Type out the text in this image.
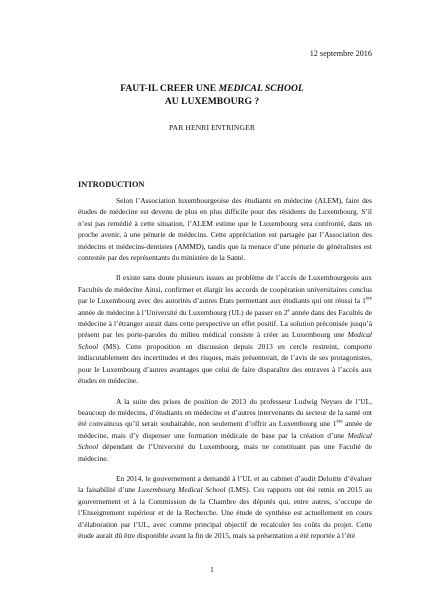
12 septembre 2016
FAUT-IL CREER UNE MEDICAL SCHOOL
AU LUXEMBOURG ?
PAR HENRI ENTRINGER
INTRODUCTION

Selon l’Association luxembourgeoise des étudiants en médecine (ALEM), faire des études de médecine est devenu de plus en plus difficile pour des résidents du Luxembourg. S’il n’est pas remédié à cette situation, l’ALEM estime que le Luxembourg sera confronté, dans un proche avenir, à une pénurie de médecins. Cette appréciation est partagée par l’Association des médecins et médecins-dentistes (AMMD), tandis que la menace d’une pénurie de généralistes est contestée par des représentants du ministère de la Santé.

Il existe sans doute plusieurs issues au problème de l’accès de Luxembourgeois aux Facultés de médecine Ainsi, confirmer et élargir les accords de coopération universitaires conclus par le Luxembourg avec des autorités d’autres Etats permettant aux étudiants qui ont réussi la 1ère année de médecine à l’Université du Luxembourg (UL) de passer en 2e année dans des Facultés de médecine à l’étranger aurait dans cette perspective un effet positif. La solution préconisée jusqu’à présent par les porte-paroles du milieu médical consiste à créer au Luxembourg une Medical School (MS). Cette proposition en discussion depuis 2013 en cercle restreint, comporte indiscutablement des incertitudes et des risques, mais présenterait, de l’avis de ses protagonistes, pour le Luxembourg d’autres avantages que celui de faire disparaître des entraves à l’accès aux études en médecine.

A la suite des prises de position de 2013 du professeur Ludwig Neyses de l’UL, beaucoup de médecins, d’étudiants en médecine et d’autres intervenants du secteur de la santé ont été convaincus qu’il serait souhaitable, non seulement d’offrir au Luxembourg une 1ère année de médecine, mais d’y dispenser une formation médicale de base par la création d’une Medical School dépendant de l’Université du Luxembourg, mais ne constituant pas une Faculté de médecine.

En 2014, le gouvernement a demandé à l’UL et au cabinet d’audit Deloitte d’évaluer la faisabilité d’une Luxembourg Medical School (LMS). Ces rapports ont été remis en 2015 au gouvernement et à la Commission de la Chambre des députés qui, entre autres, s’occupe de l’Enseignement supérieur et de la Recherche. Une étude de synthèse est actuellement en cours d’élaboration par l’UL, avec comme principal objectif de recalculer les coûts du projet. Cette étude aurait dû être disponible avant la fin de 2015, mais sa présentation a été reportée à l’été

1
